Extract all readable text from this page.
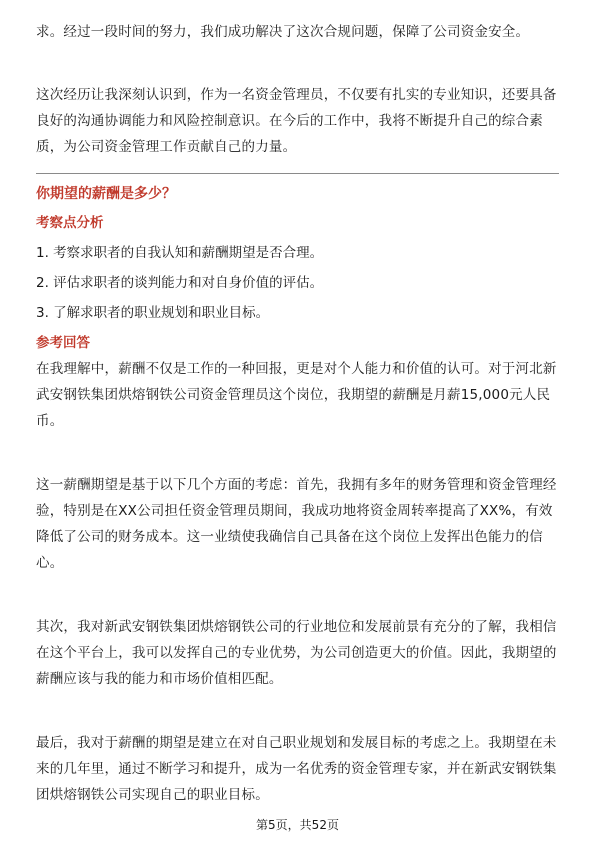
求。经过一段时间的努力，我们成功解决了这次合规问题，保障了公司资金安全。

这次经历让我深刻认识到，作为一名资金管理员，不仅要有扎实的专业知识，还要具备良好的沟通协调能力和风险控制意识。在今后的工作中，我将不断提升自己的综合素质，为公司资金管理工作贡献自己的力量。

你期望的薪酬是多少？

考察点分析

1. 考察求职者的自我认知和薪酬期望是否合理。
2. 评估求职者的谈判能力和对自身价值的评估。
3. 了解求职者的职业规划和职业目标。

参考回答

在我理解中，薪酬不仅是工作的一种回报，更是对个人能力和价值的认可。对于河北新武安钢铁集团烘熔钢铁公司资金管理员这个岗位，我期望的薪酬是月薪15,000元人民币。

这一薪酬期望是基于以下几个方面的考虑：首先，我拥有多年的财务管理和资金管理经验，特别是在XX公司担任资金管理员期间，我成功地将资金周转率提高了XX%，有效降低了公司的财务成本。这一业绩使我确信自己具备在这个岗位上发挥出色能力的信心。

其次，我对新武安钢铁集团烘熔钢铁公司的行业地位和发展前景有充分的了解，我相信在这个平台上，我可以发挥自己的专业优势，为公司创造更大的价值。因此，我期望的薪酬应该与我的能力和市场价值相匹配。

最后，我对于薪酬的期望是建立在对自己职业规划和发展目标的考虑之上。我期望在未来的几年里，通过不断学习和提升，成为一名优秀的资金管理专家，并在新武安钢铁集团烘熔钢铁公司实现自己的职业目标。

第5页，共52页
